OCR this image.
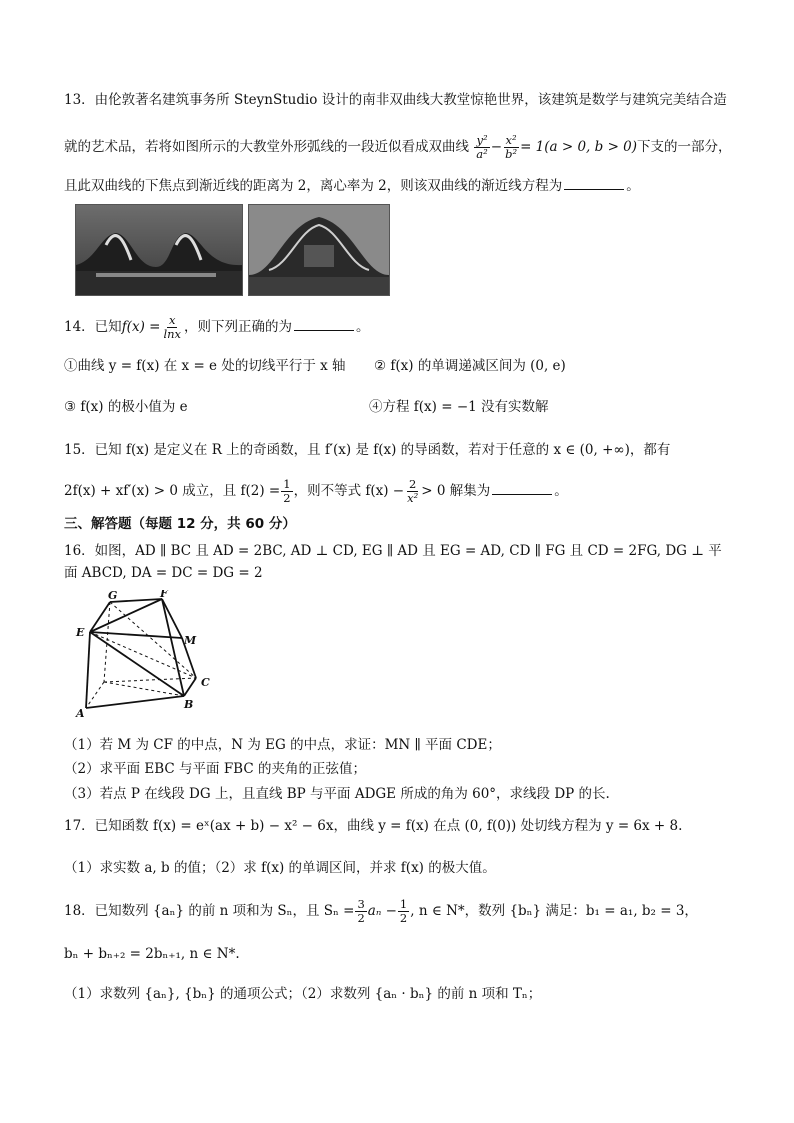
13．由伦敦著名建筑事务所 SteynStudio 设计的南非双曲线大教堂惊艳世界，该建筑是数学与建筑完美结合造
就的艺术品，若将如图所示的大教堂外形弧线的一段近似看成双曲线 $\frac{\text{y²}}{\text{a²}} - \frac{\text{x²}}{\text{b²}} = 1(a > 0$, b > 0)下支的一部分，
且此双曲线的下焦点到渐近线的距离为 2，离心率为 2，则该双曲线的渐近线方程为	。
14．已知$f(x) = \frac{x}{\ln x}$ ，则下列正确的为	。
①曲线 y = f(x) 在 x = e 处的切线平行于 x 轴 ② f(x) 的单调递减区间为 (0, e)
③ f(x) 的极小值为 e	④方程 f(x) = −1 没有实数解
15．已知 f(x) 是定义在 R 上的奇函数，且 f′(x) 是 f(x) 的导函数，若对于任意的 x ∈ (0, +∞)，都有
2f(x) + xf′(x) > 0 成立，且 $f(2) = \frac{1}{2}$ ，则不等式 $f(x) - \frac{2}{\text{x²}} > 0$ 解集为	。
三、解答题（每题 12 分，共 60 分）
16．如图，AD ∥ BC 且 AD = 2BC, AD ⊥ CD, EG ∥ AD 且 EG = AD, CD ∥ FG 且 CD = 2FG, DG ⊥ 平
面 ABCD, DA = DC = DG = 2
G	F
E
M
C
B
A
（1）若 M 为 CF 的中点，N 为 EG 的中点，求证：MN ∥ 平面 CDE；
（2）求平面 EBC 与平面 FBC 的夹角的正弦值；
（3）若点 P 在线段 DG 上，且直线 BP 与平面 ADGE 所成的角为 60°，求线段 DP 的长.
17．已知函数 f(x) = eˣ(ax + b) − x² − 6x，曲线 y = f(x) 在点 (0, f(0)) 处切线方程为 y = 6x + 8.
（1）求实数 a, b 的值；（2）求 f(x) 的单调区间，并求 f(x) 的极大值。
18．已知数列 {aₙ} 的前 n 项和为 Sₙ，且 $S_n = \frac{3}{2}$ $a_n - \frac{1}{2}$ , n ∈ N*，数列 {bₙ} 满足：b₁ = a₁, b₂ = 3，
bₙ + bₙ₊₂ = 2bₙ₊₁, n ∈ N*.
（1）求数列 {aₙ}, {bₙ} 的通项公式；（2）求数列 {aₙ · bₙ} 的前 n 项和 Tₙ；
